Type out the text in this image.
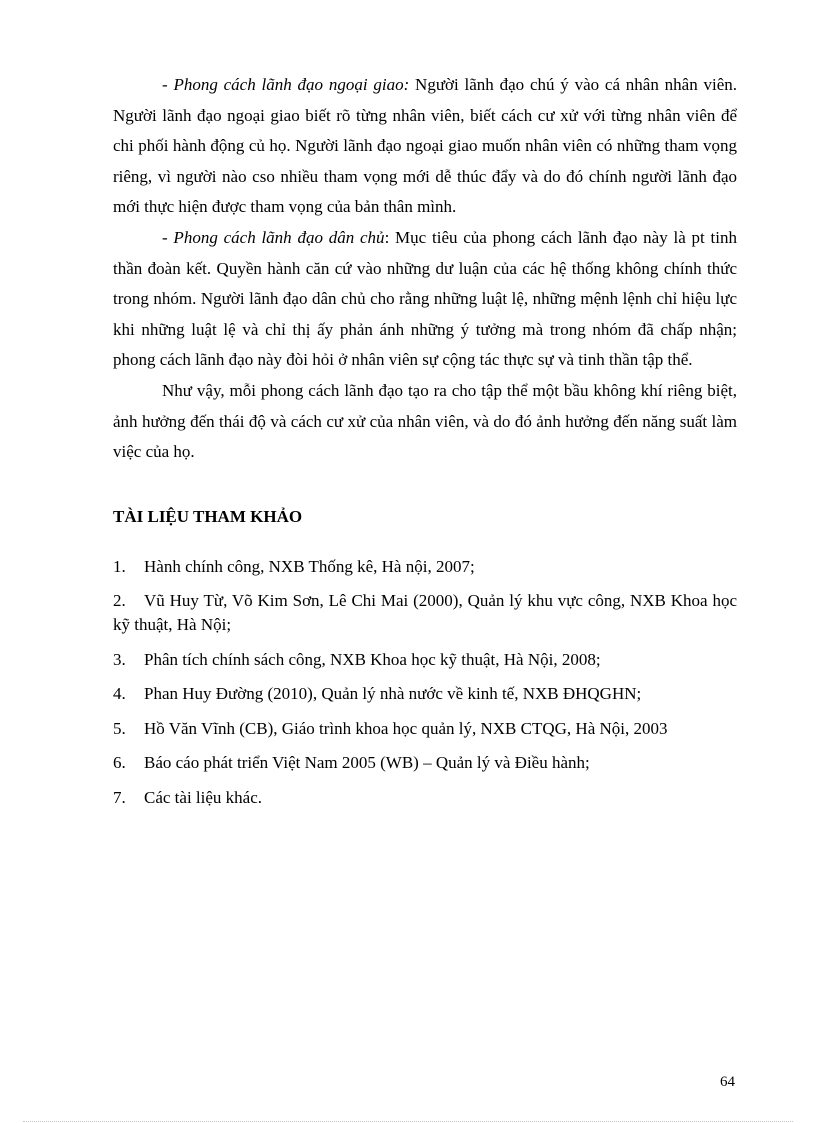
- Phong cách lãnh đạo ngoại giao: Người lãnh đạo chú ý vào cá nhân nhân viên. Người lãnh đạo ngoại giao biết rõ từng nhân viên, biết cách cư xử với từng nhân viên để chi phối hành động củ họ. Người lãnh đạo ngoại giao muốn nhân viên có những tham vọng riêng, vì người nào cso nhiều tham vọng mới dễ thúc đẩy và do đó chính người lãnh đạo mới thực hiện được tham vọng của bản thân mình.

- Phong cách lãnh đạo dân chủ: Mục tiêu của phong cách lãnh đạo này là pt tinh thần đoàn kết. Quyền hành căn cứ vào những dư luận của các hệ thống không chính thức trong nhóm. Người lãnh đạo dân chủ cho rằng những luật lệ, những mệnh lệnh chỉ hiệu lực khi những luật lệ và chỉ thị ấy phản ánh những ý tưởng mà trong nhóm đã chấp nhận; phong cách lãnh đạo này đòi hỏi ở nhân viên sự cộng tác thực sự và tinh thần tập thể.

Như vậy, mỗi phong cách lãnh đạo tạo ra cho tập thể một bầu không khí riêng biệt, ảnh hưởng đến thái độ và cách cư xử của nhân viên, và do đó ảnh hưởng đến năng suất làm việc của họ.

TÀI LIỆU THAM KHẢO
1. Hành chính công, NXB Thống kê, Hà nội, 2007;
2. Vũ Huy Từ, Võ Kim Sơn, Lê Chi Mai (2000), Quản lý khu vực công, NXB Khoa học kỹ thuật, Hà Nội;
3. Phân tích chính sách công, NXB Khoa học kỹ thuật, Hà Nội, 2008;
4. Phan Huy Đường (2010), Quản lý nhà nước về kinh tế, NXB ĐHQGHN;
5. Hồ Văn Vĩnh (CB), Giáo trình khoa học quản lý, NXB CTQG, Hà Nội, 2003
6. Báo cáo phát triển Việt Nam 2005 (WB) – Quản lý và Điều hành;
7. Các tài liệu khác.
64
